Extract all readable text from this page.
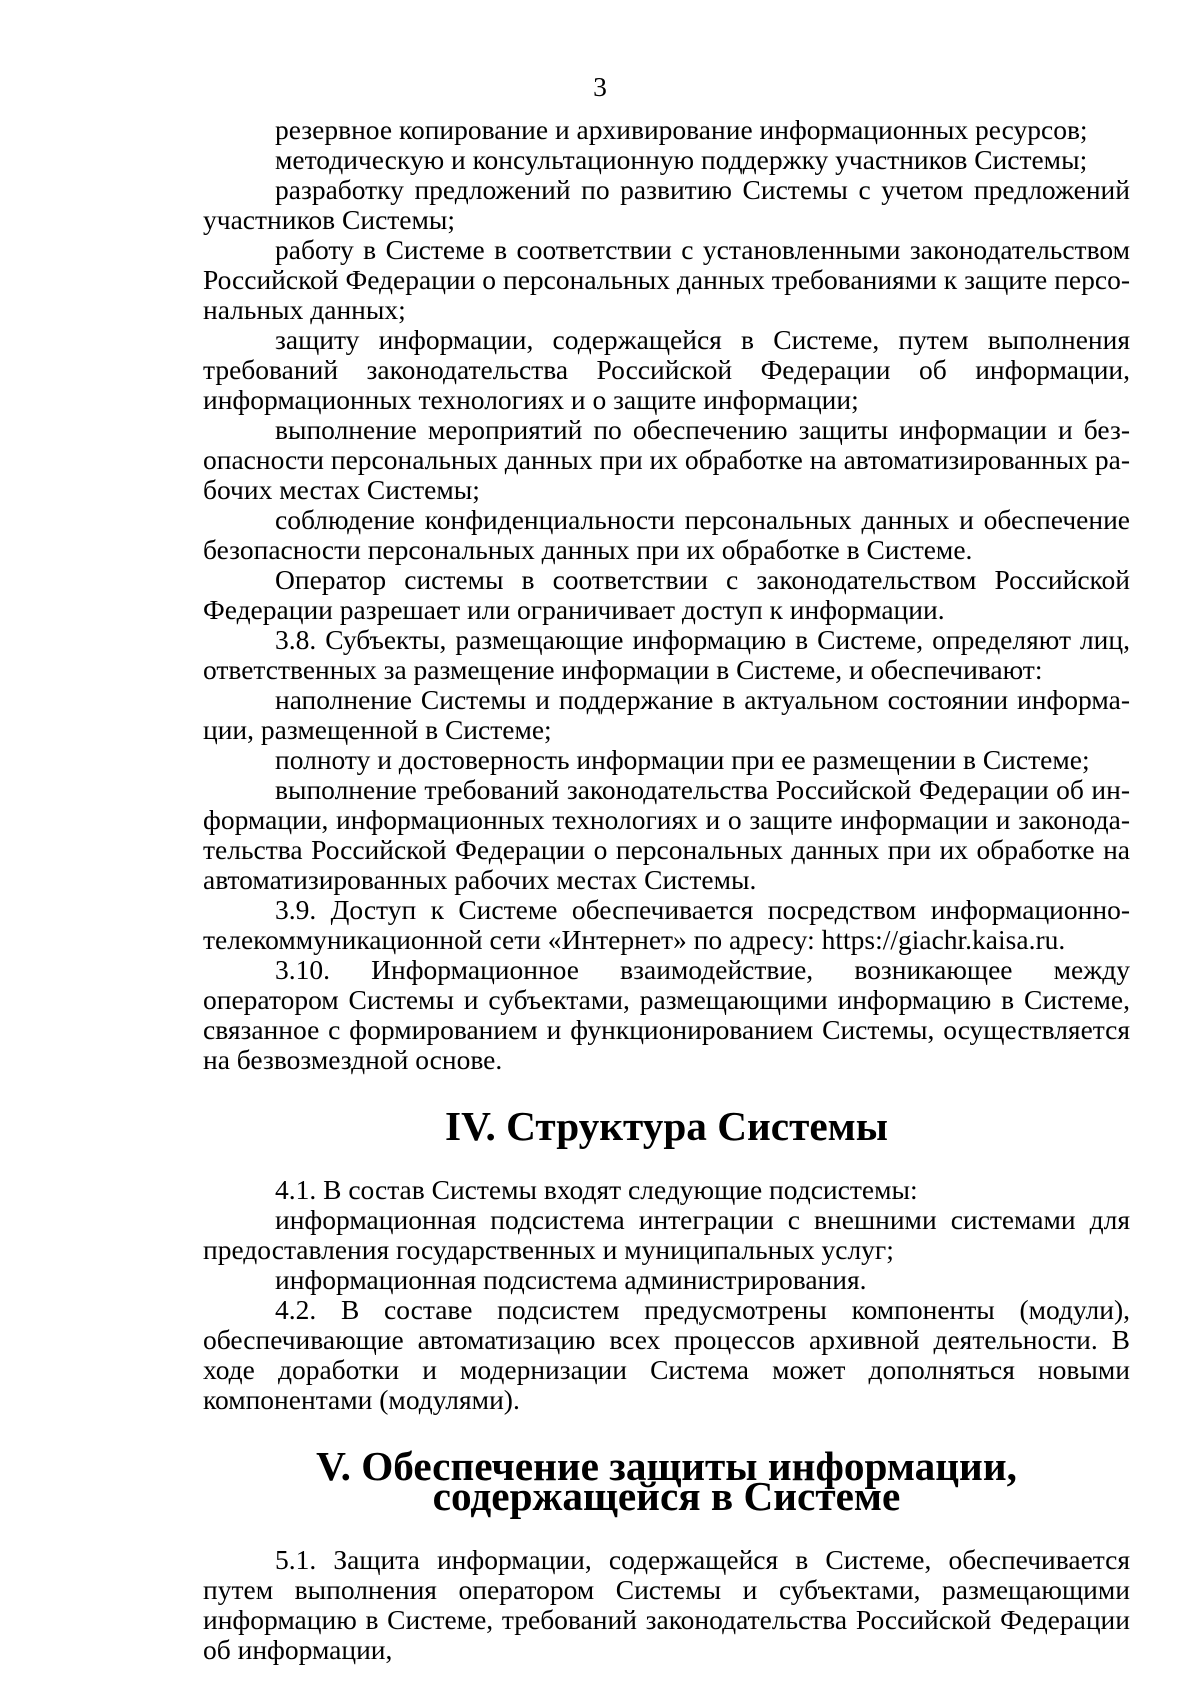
3

резервное копирование и архивирование информационных ресурсов;

методическую и консультационную поддержку участников Системы;

разработку предложений по развитию Системы с учетом предложений участников Системы;

работу в Системе в соответствии с установленными законодательством Российской Федерации о персональных данных требованиями к защите персональных данных;

защиту информации, содержащейся в Системе, путем выполнения требований законодательства Российской Федерации об информации, информационных технологиях и о защите информации;

выполнение мероприятий по обеспечению защиты информации и безопасности персональных данных при их обработке на автоматизированных рабочих местах Системы;

соблюдение конфиденциальности персональных данных и обеспечение безопасности персональных данных при их обработке в Системе.

Оператор системы в соответствии с законодательством Российской Федерации разрешает или ограничивает доступ к информации.

3.8. Субъекты, размещающие информацию в Системе, определяют лиц, ответственных за размещение информации в Системе, и обеспечивают:

наполнение Системы и поддержание в актуальном состоянии информации, размещенной в Системе;

полноту и достоверность информации при ее размещении в Системе;

выполнение требований законодательства Российской Федерации об информации, информационных технологиях и о защите информации и законодательства Российской Федерации о персональных данных при их обработке на автоматизированных рабочих местах Системы.

3.9. Доступ к Системе обеспечивается посредством информационно-телекоммуникационной сети «Интернет» по адресу: https://giachr.kaisa.ru.

3.10. Информационное взаимодействие, возникающее между оператором Системы и субъектами, размещающими информацию в Системе, связанное с формированием и функционированием Системы, осуществляется на безвозмездной основе.

IV. Структура Системы

4.1. В состав Системы входят следующие подсистемы:

информационная подсистема интеграции с внешними системами для предоставления государственных и муниципальных услуг;

информационная подсистема администрирования.

4.2. В составе подсистем предусмотрены компоненты (модули), обеспечивающие автоматизацию всех процессов архивной деятельности. В ходе доработки и модернизации Система может дополняться новыми компонентами (модулями).

V. Обеспечение защиты информации, содержащейся в Системе

5.1. Защита информации, содержащейся в Системе, обеспечивается путем выполнения оператором Системы и субъектами, размещающими информацию в Системе, требований законодательства Российской Федерации об информации,
